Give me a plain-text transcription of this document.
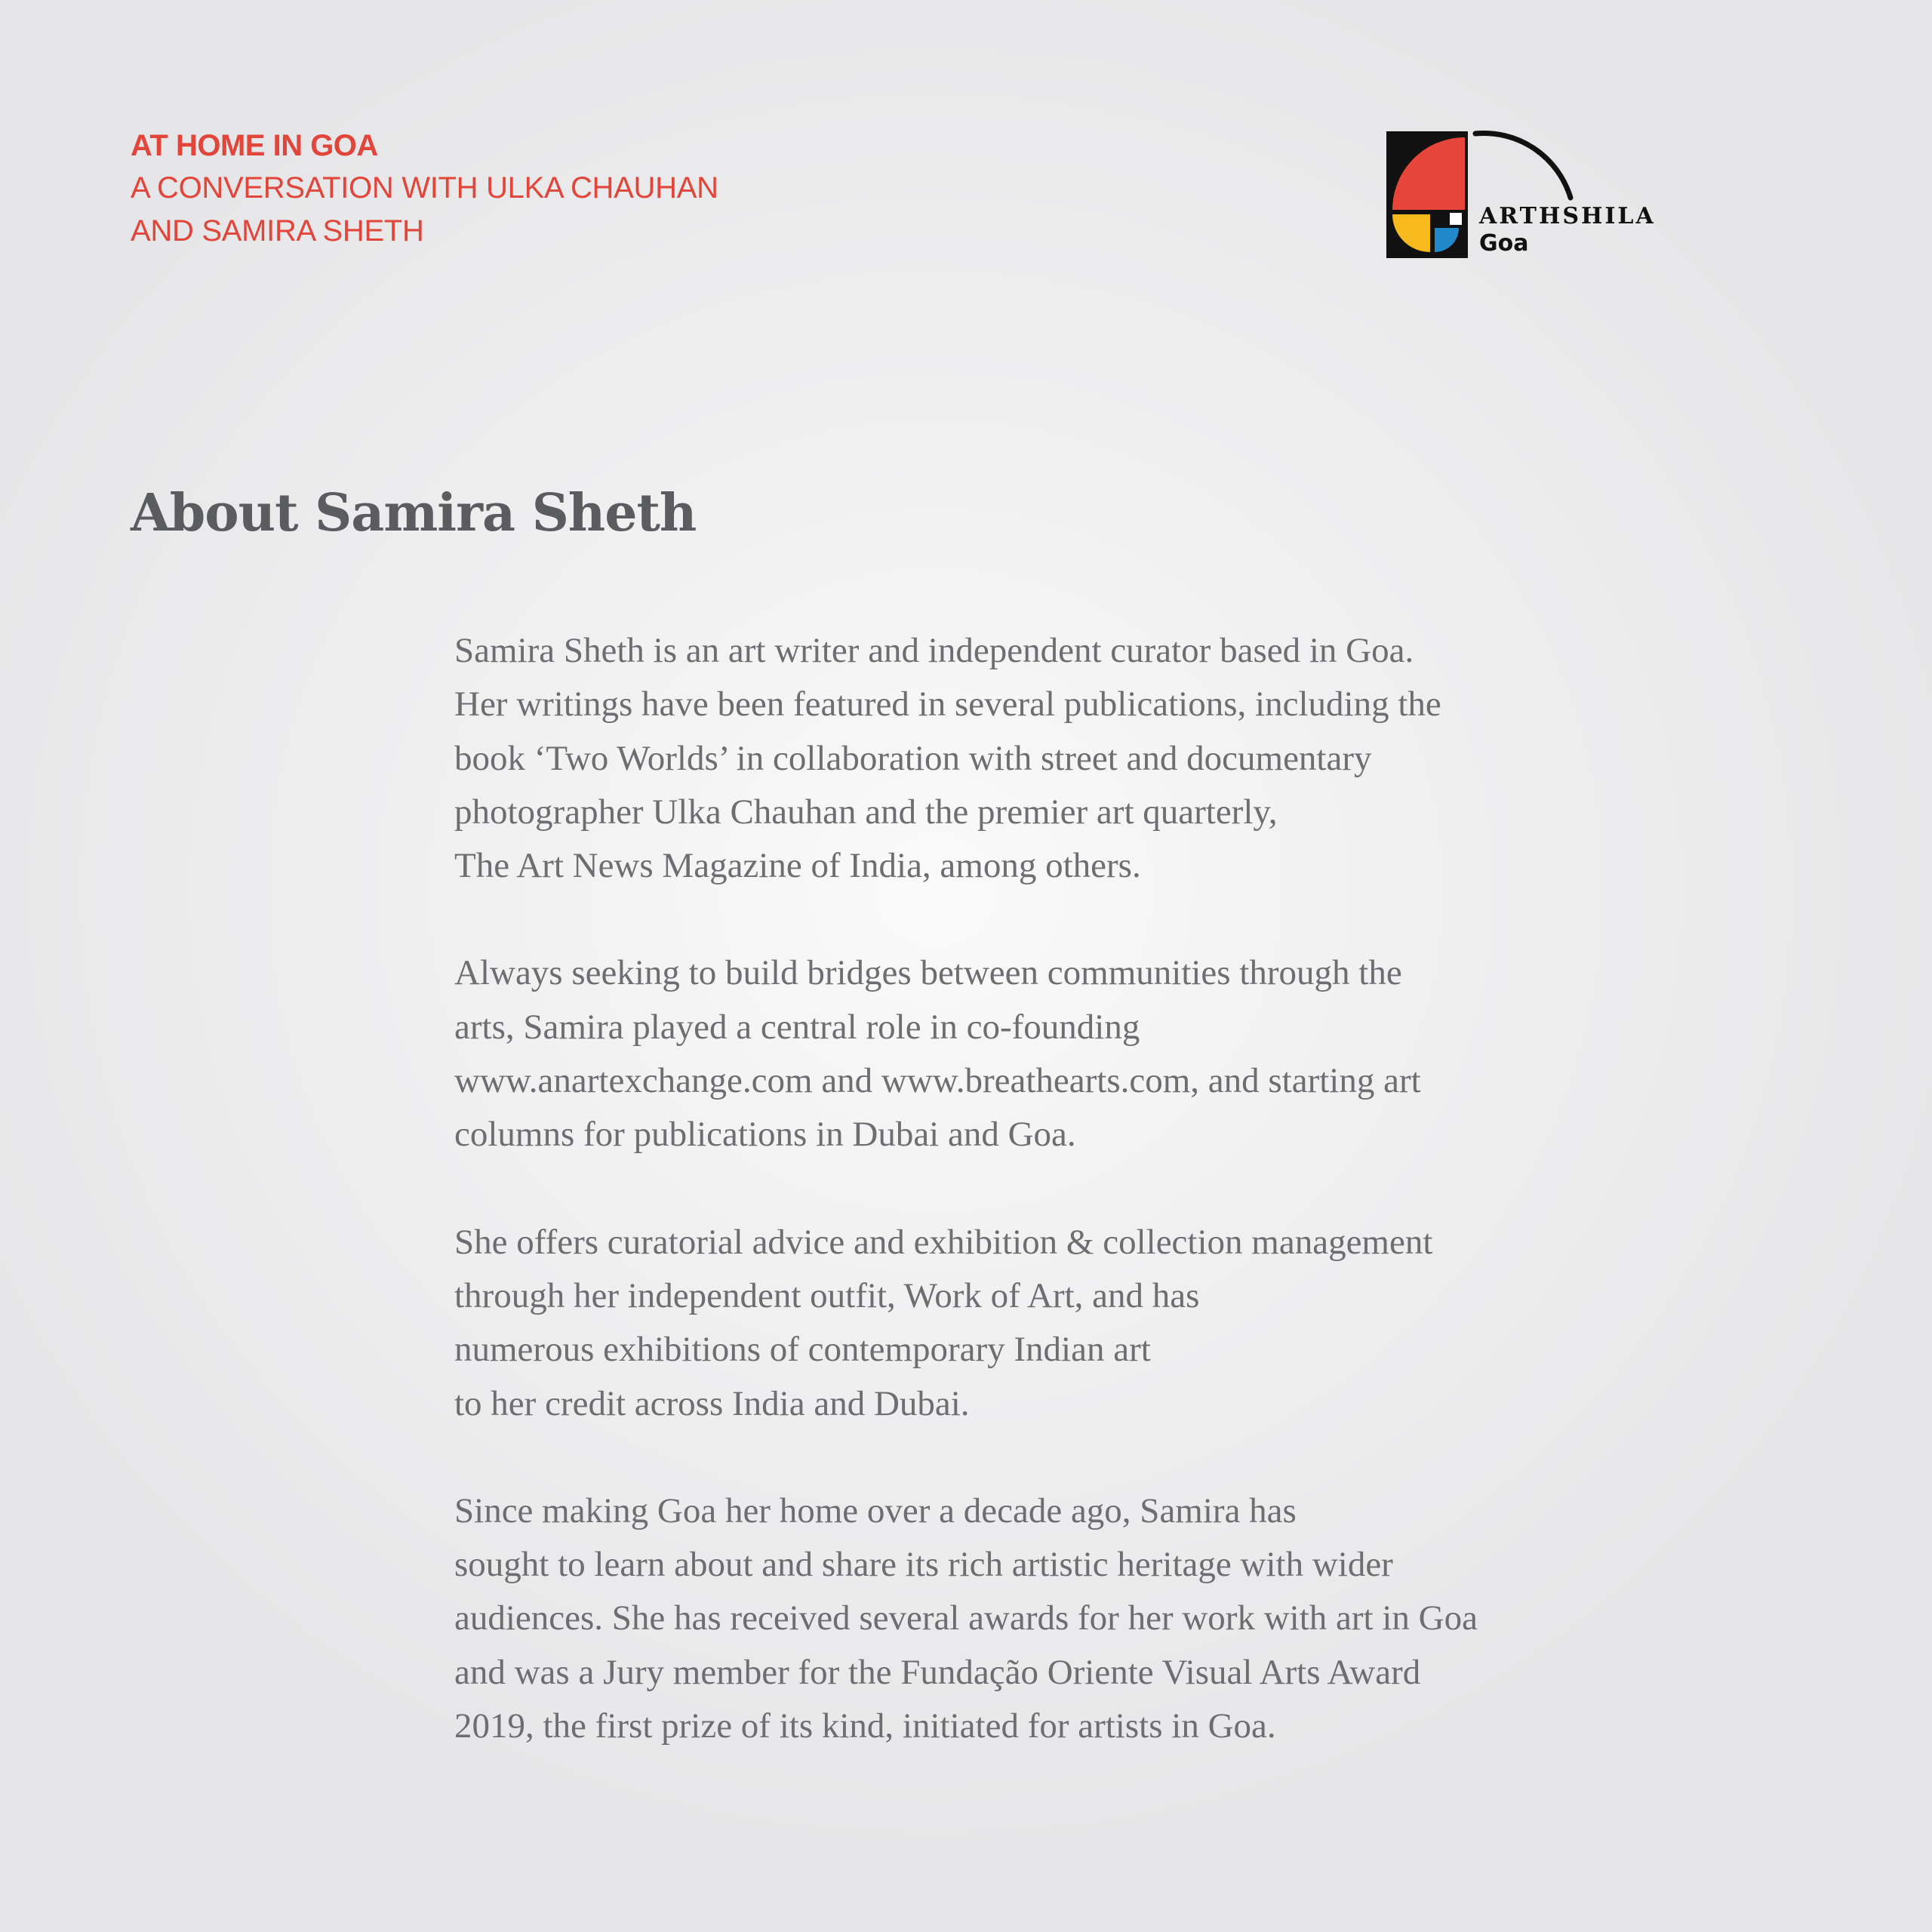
AT HOME IN GOA
A CONVERSATION WITH ULKA CHAUHAN
AND SAMIRA SHETH	ARTHSHILA
Goa
About Samira Sheth

Samira Sheth is an art writer and independent curator based in Goa.
Her writings have been featured in several publications, including the
book ‘Two Worlds’ in collaboration with street and documentary
photographer Ulka Chauhan and the premier art quarterly,
The Art News Magazine of India, among others.

Always seeking to build bridges between communities through the
arts, Samira played a central role in co-founding
www.anartexchange.com and www.breathearts.com, and starting art
columns for publications in Dubai and Goa.

She offers curatorial advice and exhibition & collection management
through her independent outfit, Work of Art, and has
numerous exhibitions of contemporary Indian art
to her credit across India and Dubai.

Since making Goa her home over a decade ago, Samira has
sought to learn about and share its rich artistic heritage with wider
audiences. She has received several awards for her work with art in Goa
and was a Jury member for the Fundação Oriente Visual Arts Award
2019, the first prize of its kind, initiated for artists in Goa.
